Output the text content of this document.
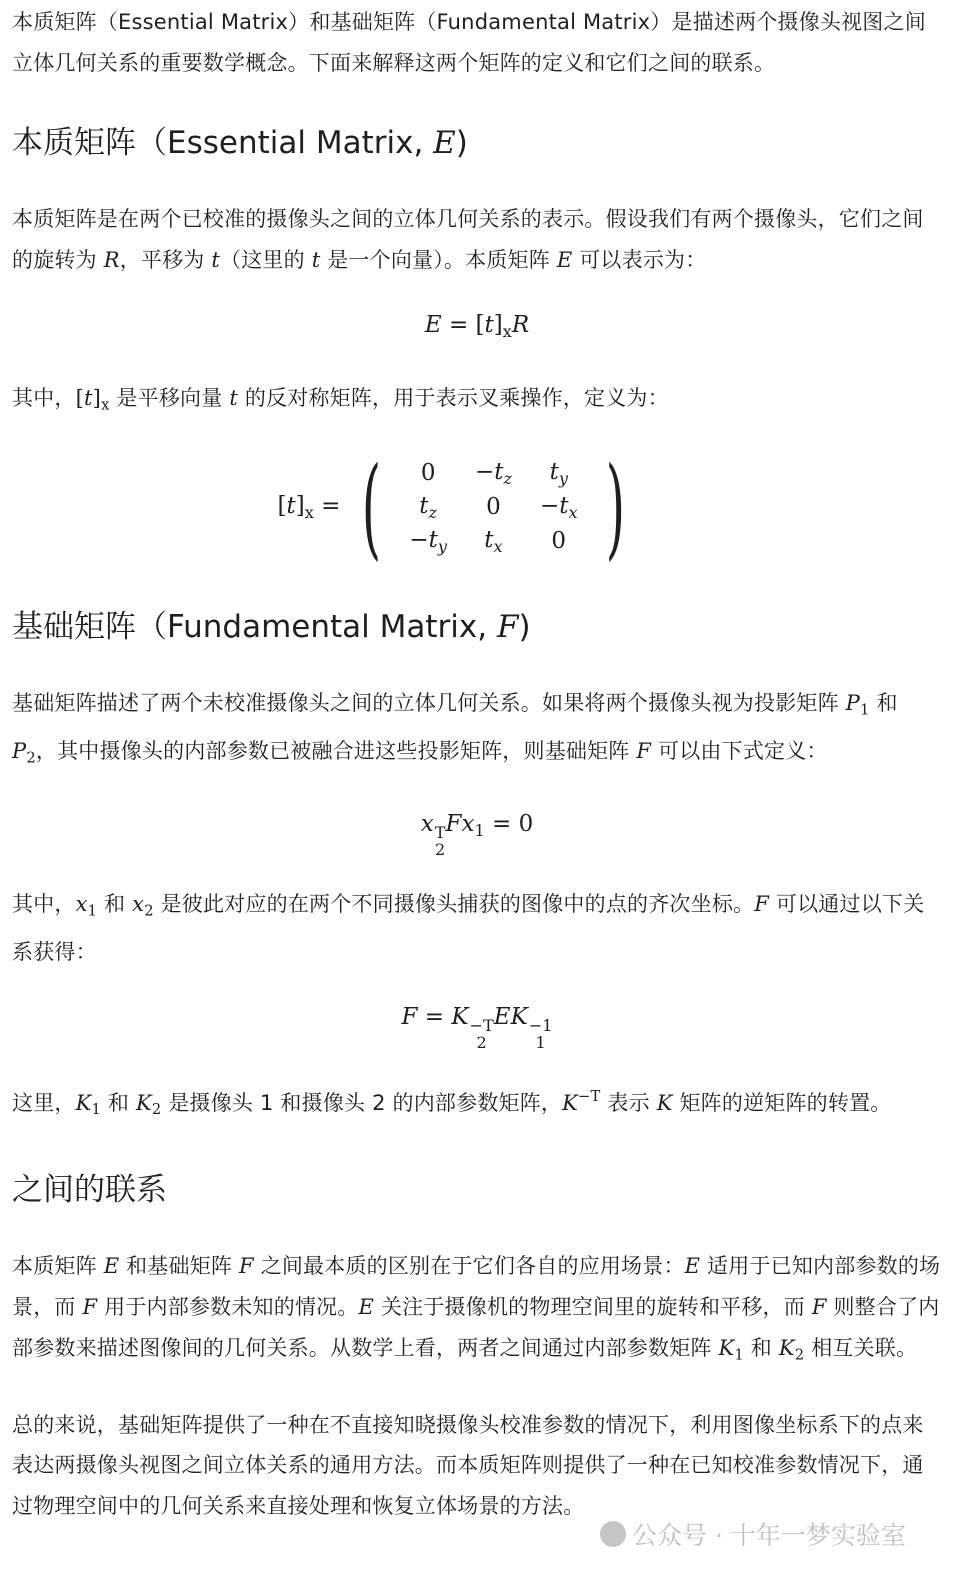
本质矩阵（Essential Matrix）和基础矩阵（Fundamental Matrix）是描述两个摄像头视图之间立体几何关系的重要数学概念。下面来解释这两个矩阵的定义和它们之间的联系。

本质矩阵（Essential Matrix, E)

本质矩阵是在两个已校准的摄像头之间的立体几何关系的表示。假设我们有两个摄像头，它们之间的旋转为 R，平移为 t（这里的 t 是一个向量）。本质矩阵 E 可以表示为：

$E = [t]_xR$

其中，$[t]_x$ 是平移向量 t 的反对称矩阵，用于表示叉乘操作，定义为：

$[t]_x$ = ( 0	$-t_z$	$t_y$
$t_z$	0	$-t_x$
$-t_y$	$t_x$	0 )
基础矩阵（Fundamental Matrix, F)

基础矩阵描述了两个未校准摄像头之间的立体几何关系。如果将两个摄像头视为投影矩阵 $P_1$ 和 $P_2$，其中摄像头的内部参数已被融合进这些投影矩阵，则基础矩阵 F 可以由下式定义：

x T
2
$Fx_1 = 0$

其中，$x_1$ 和 $x_2$ 是彼此对应的在两个不同摄像头捕获的图像中的点的齐次坐标。F 可以通过以下关系获得：

F = K −T
2
EK −1
1

这里，$K_1$ 和 $K_2$ 是摄像头 1 和摄像头 2 的内部参数矩阵，$K^{-T}$ 表示 K 矩阵的逆矩阵的转置。

之间的联系

本质矩阵 E 和基础矩阵 F 之间最本质的区别在于它们各自的应用场景：E 适用于已知内部参数的场景，而 F 用于内部参数未知的情况。E 关注于摄像机的物理空间里的旋转和平移，而 F 则整合了内部参数来描述图像间的几何关系。从数学上看，两者之间通过内部参数矩阵 $K_1$ 和 $K_2$ 相互关联。

总的来说，基础矩阵提供了一种在不直接知晓摄像头校准参数的情况下，利用图像坐标系下的点来表达两摄像头视图之间立体关系的通用方法。而本质矩阵则提供了一种在已知校准参数情况下，通过物理空间中的几何关系来直接处理和恢复立体场景的方法。

公众号 · 十年一梦实验室
